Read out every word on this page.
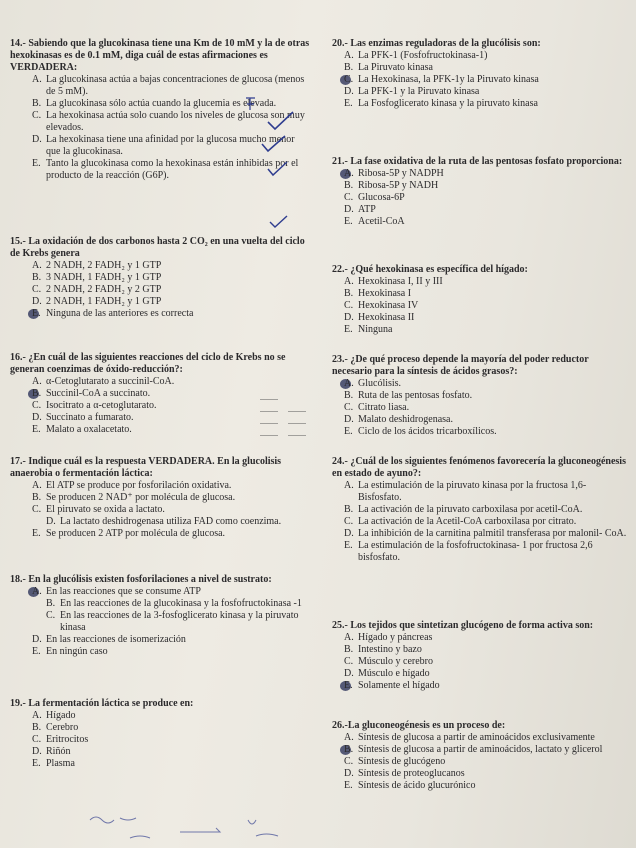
14.- Sabiendo que la glucokinasa tiene una Km de 10 mM y la de otras hexokinasas es de 0.1 mM, diga cuál de estas afirmaciones es VERDADERA:

A. La glucokinasa actúa a bajas concentraciones de glucosa (menos de 5 mM).

B. La glucokinasa sólo actúa cuando la glucemia es elevada.

C. La hexokinasa actúa solo cuando los niveles de glucosa son muy elevados.

D. La hexokinasa tiene una afinidad por la glucosa mucho menor que la glucokinasa.

E. Tanto la glucokinasa como la hexokinasa están inhibidas por el producto de la reacción (G6P).

15.- La oxidación de dos carbonos hasta 2 CO₂ en una vuelta del ciclo de Krebs genera

A. 2 NADH, 2 FADH₂ y 1 GTP

B. 3 NADH, 1 FADH₂ y 1 GTP

C. 2 NADH, 2 FADH₂ y 2 GTP

D. 2 NADH, 1 FADH₂ y 1 GTP

E. Ninguna de las anteriores es correcta

16.- ¿En cuál de las siguientes reacciones del ciclo de Krebs no se generan coenzimas de óxido-reducción?:

A. α-Cetoglutarato a succinil-CoA.

B. Succinil-CoA a succinato.

C. Isocitrato a α-cetoglutarato.

D. Succinato a fumarato.

E. Malato a oxalacetato.

17.- Indique cuál es la respuesta VERDADERA. En la glucolisis anaerobia o fermentación láctica:

A. El ATP se produce por fosforilación oxidativa.

B. Se producen 2 NAD⁺ por molécula de glucosa.

C. El piruvato se oxida a lactato.

D. La lactato deshidrogenasa utiliza FAD como coenzima.

E. Se producen 2 ATP por molécula de glucosa.

18.- En la glucólisis existen fosforilaciones a nivel de sustrato:

A. En las reacciones que se consume ATP

B. En las reacciones de la glucokinasa y la fosfofructokinasa -1

C. En las reacciones de la 3-fosfoglicerato kinasa y la piruvato kinasa

D. En las reacciones de isomerización

E. En ningún caso

19.- La fermentación láctica se produce en:

A. Hígado

B. Cerebro

C. Eritrocitos

D. Riñón

E. Plasma

20.- Las enzimas reguladoras de la glucólisis son:

A. La PFK-1 (Fosfofructokinasa-1)

B. La Piruvato kinasa

C. La Hexokinasa, la PFK-1y la Piruvato kinasa

D. La PFK-1 y la Piruvato kinasa

E. La Fosfoglicerato kinasa y la piruvato kinasa

21.- La fase oxidativa de la ruta de las pentosas fosfato proporciona:

A. Ribosa-5P y NADPH

B. Ribosa-5P y NADH

C. Glucosa-6P

D. ATP

E. Acetil-CoA

22.- ¿Qué hexokinasa es específica del hígado:

A. Hexokinasa I, II y III

B. Hexokinasa I

C. Hexokinasa IV

D. Hexokinasa II

E. Ninguna

23.- ¿De qué proceso depende la mayoría del poder reductor necesario para la síntesis de ácidos grasos?:

A. Glucólisis.

B. Ruta de las pentosas fosfato.

C. Citrato liasa.

D. Malato deshidrogenasa.

E. Ciclo de los ácidos tricarboxílicos.

24.- ¿Cuál de los siguientes fenómenos favorecería la gluconeogénesis en estado de ayuno?:

A. La estimulación de la piruvato kinasa por la fructosa 1,6-Bisfosfato.

B. La activación de la piruvato carboxilasa por acetil-CoA.

C. La activación de la Acetil-CoA carboxilasa por citrato.

D. La inhibición de la carnitina palmitil transferasa por malonil- CoA.

E. La estimulación de la fosfofructokinasa- 1 por fructosa 2,6 bisfosfato.

25.- Los tejidos que sintetizan glucógeno de forma activa son:

A. Hígado y páncreas

B. Intestino y bazo

C. Músculo y cerebro

D. Músculo e hígado

E. Solamente el hígado

26.-La gluconeogénesis es un proceso de:

A. Síntesis de glucosa a partir de aminoácidos exclusivamente

B. Síntesis de glucosa a partir de aminoácidos, lactato y glicerol

C. Síntesis de glucógeno

D. Síntesis de proteoglucanos

E. Síntesis de ácido glucurónico
